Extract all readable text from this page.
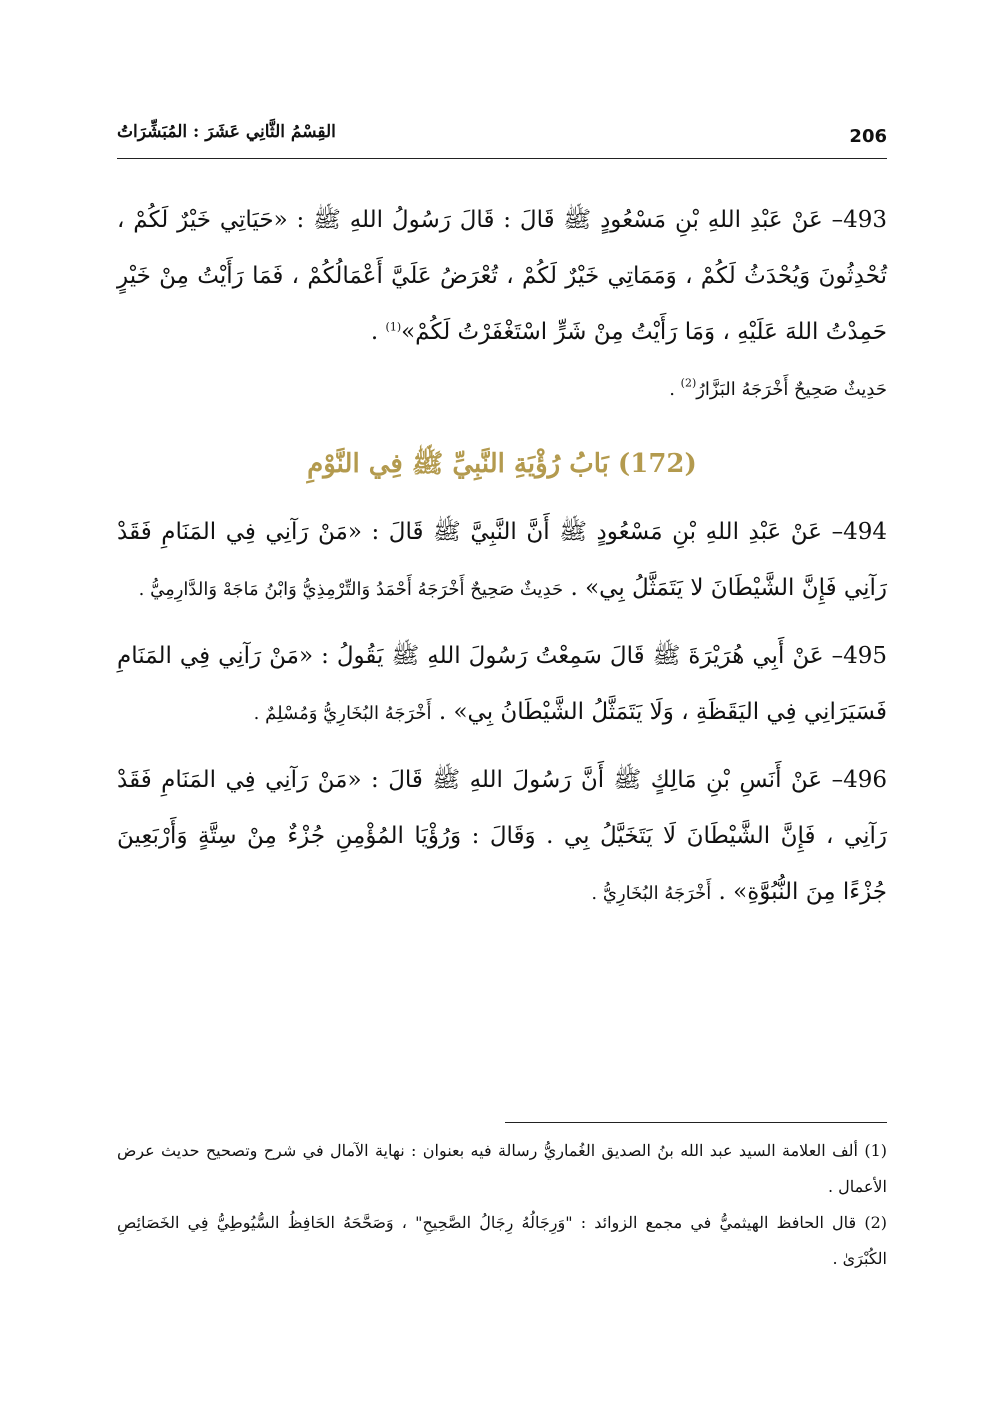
206
القِسْمُ الثَّانِي عَشَرَ : المُبَشِّرَاتُ

493– عَنْ عَبْدِ اللهِ بْنِ مَسْعُودٍ ﷺ قَالَ : قَالَ رَسُولُ اللهِ ﷺ : «حَيَاتِي خَيْرٌ لَكُمْ ، تُحْدِثُونَ وَيُحْدَثُ لَكُمْ ، وَمَمَاتِي خَيْرٌ لَكُمْ ، تُعْرَضُ عَلَيَّ أَعْمَالُكُمْ ، فَمَا رَأَيْتُ مِنْ خَيْرٍ حَمِدْتُ اللهَ عَلَيْهِ ، وَمَا رَأَيْتُ مِنْ شَرٍّ اسْتَغْفَرْتُ لَكُمْ»$^{(1)}$ .
حَدِيثٌ صَحِيحٌ أَخْرَجَهُ البَزَّارُ$^{(2)}$ .

(172) بَابُ رُؤْيَةِ النَّبِيِّ ﷺ فِي النَّوْمِ

494– عَنْ عَبْدِ اللهِ بْنِ مَسْعُودٍ ﷺ أَنَّ النَّبِيَّ ﷺ قَالَ : «مَنْ رَآنِي فِي المَنَامِ فَقَدْ رَآنِي فَإِنَّ الشَّيْطَانَ لا يَتَمَثَّلُ بِي» . حَدِيثٌ صَحِيحٌ أَخْرَجَهُ أَحْمَدُ وَالتِّرْمِذِيُّ وَابْنُ مَاجَهْ وَالدَّارِمِيُّ .

495– عَنْ أَبِي هُرَيْرَةَ ﷺ قَالَ سَمِعْتُ رَسُولَ اللهِ ﷺ يَقُولُ : «مَنْ رَآنِي فِي المَنَامِ فَسَيَرَانِي فِي اليَقَظَةِ ، وَلَا يَتَمَثَّلُ الشَّيْطَانُ بِي» . أَخْرَجَهُ البُخَارِيُّ وَمُسْلِمٌ .

496– عَنْ أَنَسِ بْنِ مَالِكٍ ﷺ أَنَّ رَسُولَ اللهِ ﷺ قَالَ : «مَنْ رَآنِي فِي المَنَامِ فَقَدْ رَآنِي ، فَإِنَّ الشَّيْطَانَ لَا يَتَخَيَّلُ بِي . وَقَالَ : وَرُؤْيَا المُؤْمِنِ جُزْءٌ مِنْ سِتَّةٍ وَأَرْبَعِينَ جُزْءًا مِنَ النُّبُوَّةِ» . أَخْرَجَهُ البُخَارِيُّ .

(1) ألف العلامة السيد عبد الله بنُ الصديق الغُماريُّ رسالة فيه بعنوان : نهاية الآمال في شرح وتصحيح حديث عرض الأعمال .

(2) قال الحافظ الهيثميُّ في مجمع الزوائد : "وَرِجَالُهُ رِجَالُ الصَّحِيحِ" ، وَصَحَّحَهُ الحَافِظُ السُّيُوطِيُّ فِي الخَصَائِصِ الكُبْرَىٰ .
